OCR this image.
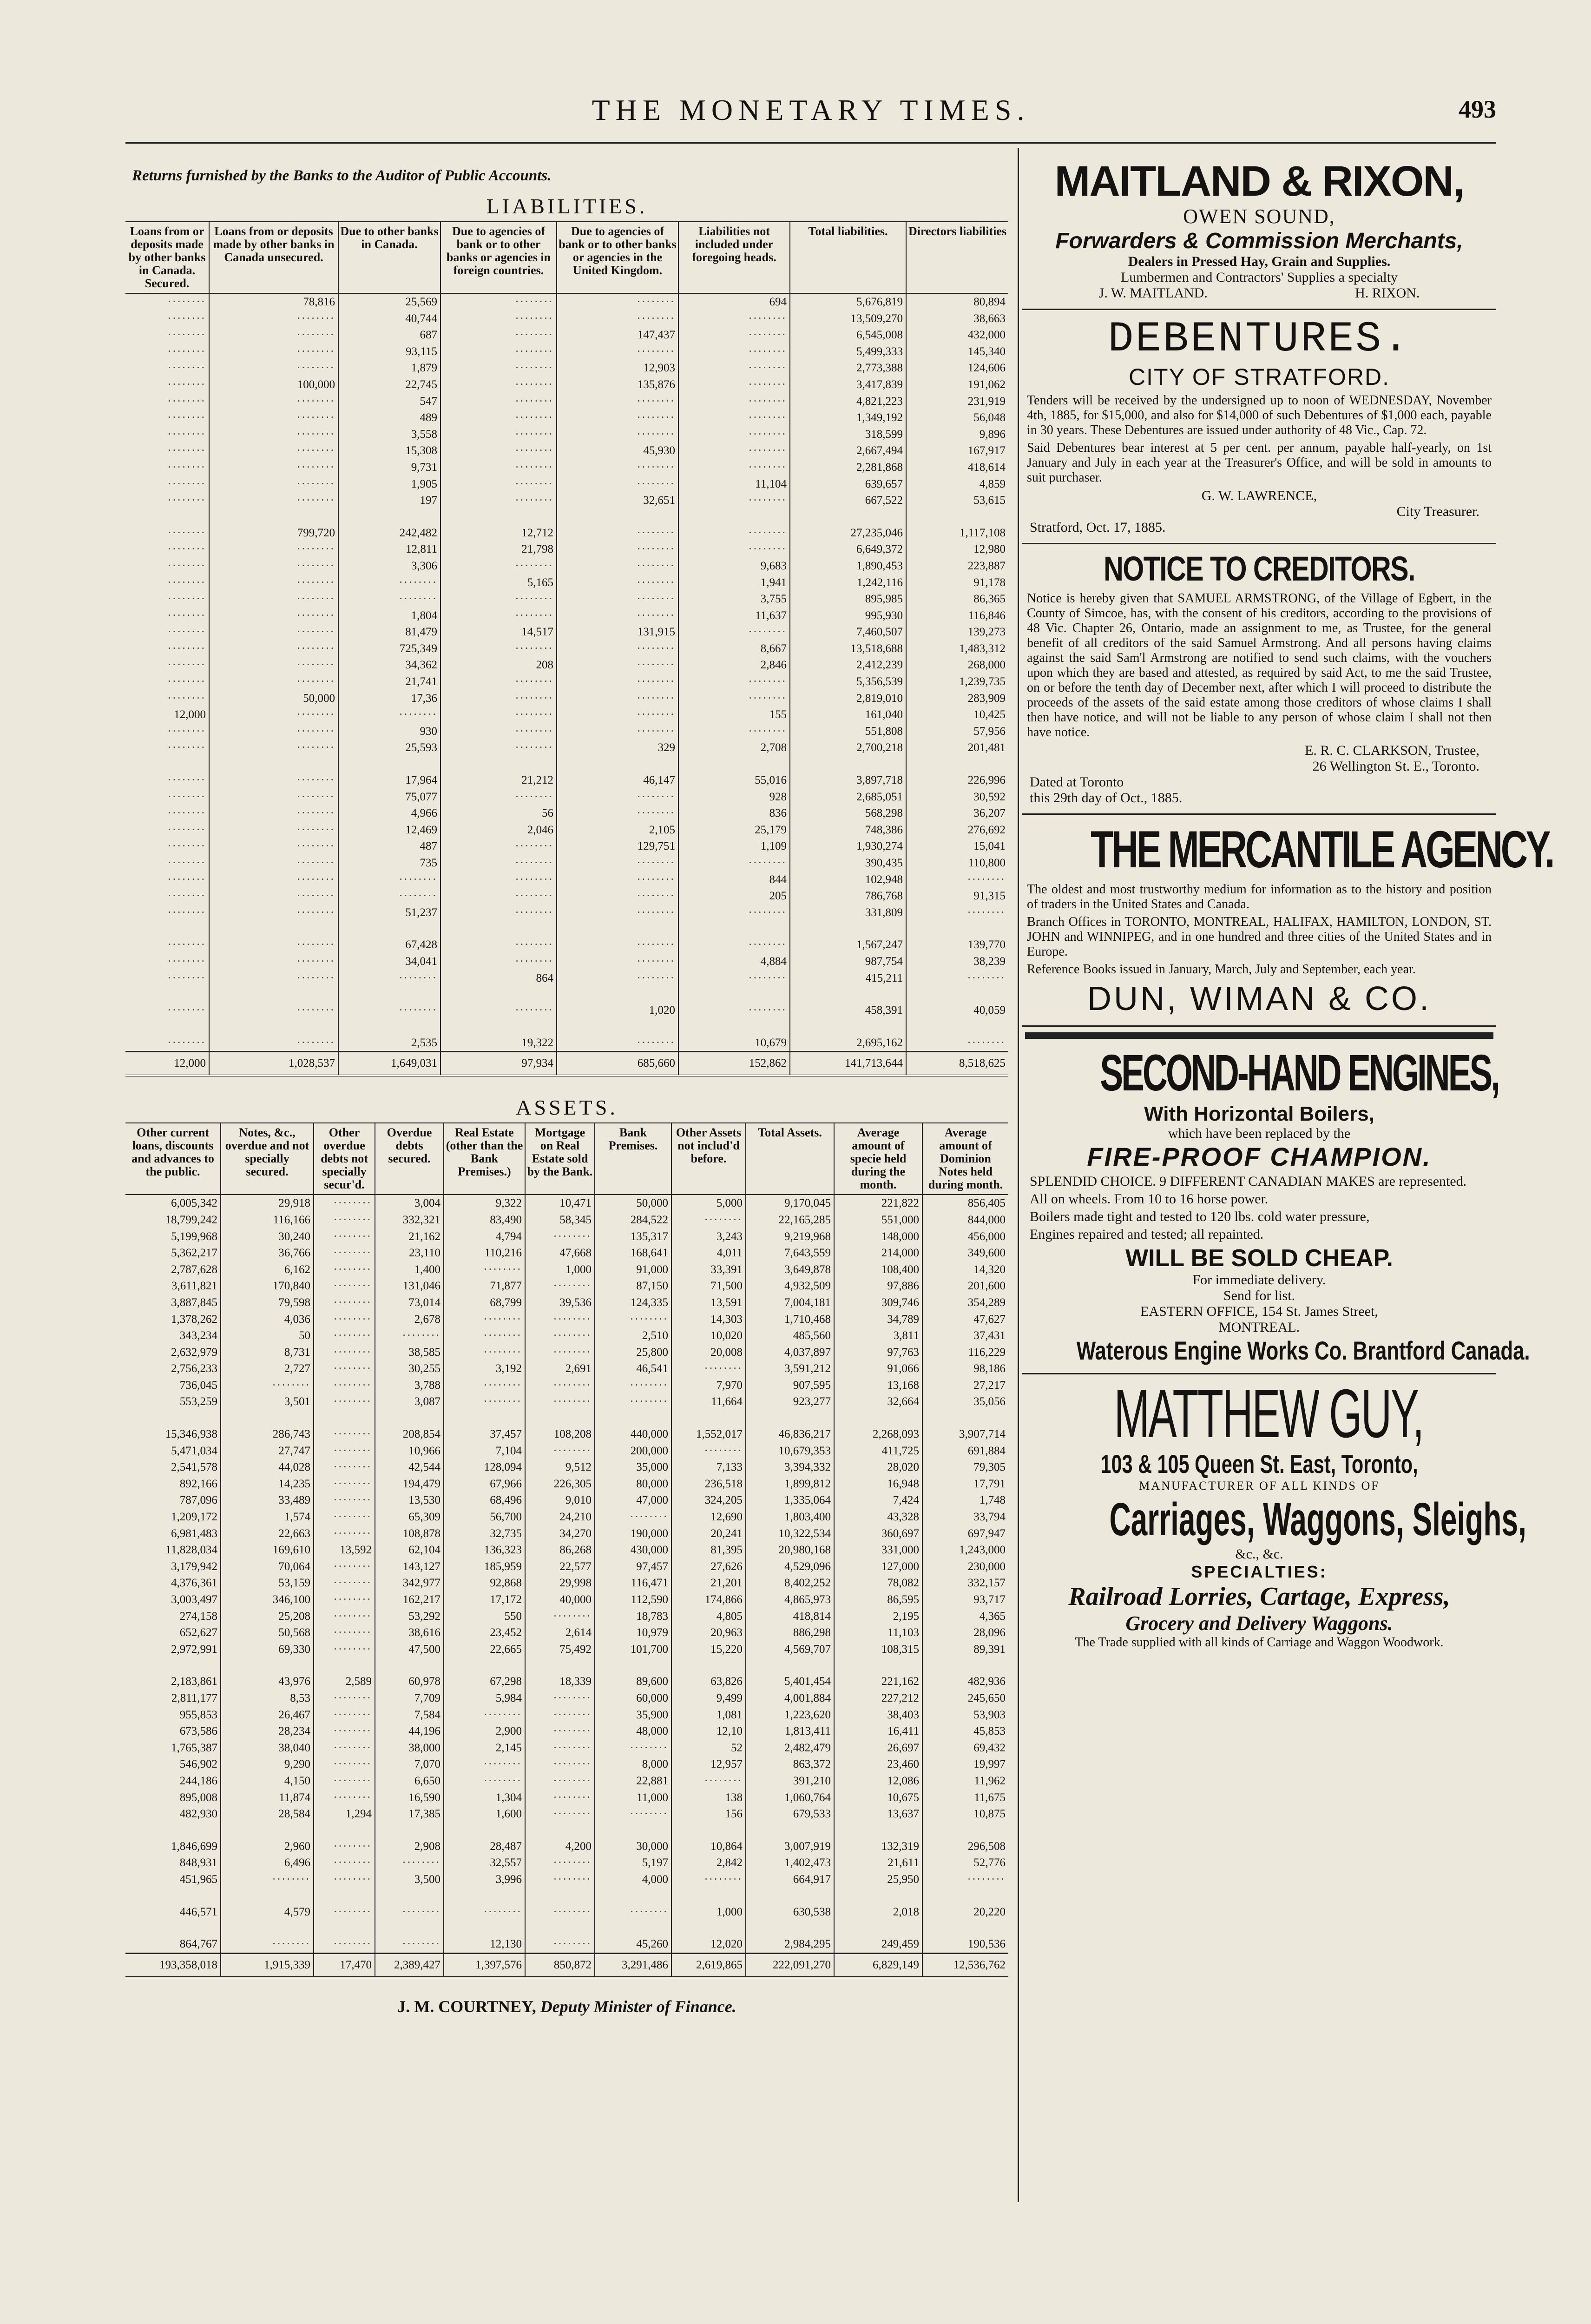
THE MONETARY TIMES.	493
Returns furnished by the Banks to the Auditor of Public Accounts.
LIABILITIES.
Loans from or deposits made by other banks in Canada. Secured.	Loans from or deposits made by other banks in Canada unsecured.	Due to other banks in Canada.	Due to agencies of bank or to other banks or agencies in foreign countries.	Due to agencies of bank or to other banks or agencies in the United Kingdom.	Liabilities not included under foregoing heads.	Total liabilities.	Directors liabilities
········	78,816	25,569	········	········	694	5,676,819	80,894
········	········	40,744	········	········	········	13,509,270	38,663
········	········	687	········	147,437	········	6,545,008	432,000
········	········	93,115	········	········	········	5,499,333	145,340
········	········	1,879	········	12,903	········	2,773,388	124,606
········	100,000	22,745	········	135,876	········	3,417,839	191,062
········	········	547	········	········	········	4,821,223	231,919
········	········	489	········	········	········	1,349,192	56,048
········	········	3,558	········	········	········	318,599	9,896
········	········	15,308	········	45,930	········	2,667,494	167,917
········	········	9,731	········	········	········	2,281,868	418,614
········	········	1,905	········	········	11,104	639,657	4,859
········	········	197	········	32,651	········	667,522	53,615

········	799,720	242,482	12,712	········	········	27,235,046	1,117,108
········	········	12,811	21,798	········	········	6,649,372	12,980
········	········	3,306	········	········	9,683	1,890,453	223,887
········	········	········	5,165	········	1,941	1,242,116	91,178
········	········	········	········	········	3,755	895,985	86,365
········	········	1,804	········	········	11,637	995,930	116,846
········	········	81,479	14,517	131,915	········	7,460,507	139,273
········	········	725,349	········	········	8,667	13,518,688	1,483,312
········	········	34,362	208	········	2,846	2,412,239	268,000
········	········	21,741	········	········	········	5,356,539	1,239,735
········	50,000	17,36	········	········	········	2,819,010	283,909
12,000	········	········	········	········	155	161,040	10,425
········	········	930	········	········	········	551,808	57,956
········	········	25,593	········	329	2,708	2,700,218	201,481

········	········	17,964	21,212	46,147	55,016	3,897,718	226,996
········	········	75,077	········	········	928	2,685,051	30,592
········	········	4,966	56	········	836	568,298	36,207
········	········	12,469	2,046	2,105	25,179	748,386	276,692
········	········	487	········	129,751	1,109	1,930,274	15,041
········	········	735	········	········	········	390,435	110,800
········	········	········	········	········	844	102,948	········
········	········	········	········	········	205	786,768	91,315
········	········	51,237	········	········	········	331,809	········

········	········	67,428	········	········	········	1,567,247	139,770
········	········	34,041	········	········	4,884	987,754	38,239
········	········	········	864	········	········	415,211	········

········	········	········	········	1,020	········	458,391	40,059

········	········	2,535	19,322	········	10,679	2,695,162	········
12,000	1,028,537	1,649,031	97,934	685,660	152,862	141,713,644	8,518,625
ASSETS.
Other current loans, discounts and advances to the public.	Notes, &c., overdue and not specially secured.	Other overdue debts not specially secur'd.	Overdue debts secured.	Real Estate (other than the Bank Premises.)	Mortgage on Real Estate sold by the Bank.	Bank Premises.	Other Assets not includ'd before.	Total Assets.	Average amount of specie held during the month.	Average amount of Dominion Notes held during month.
6,005,342	29,918	········	3,004	9,322	10,471	50,000	5,000	9,170,045	221,822	856,405
18,799,242	116,166	········	332,321	83,490	58,345	284,522	········	22,165,285	551,000	844,000
5,199,968	30,240	········	21,162	4,794	········	135,317	3,243	9,219,968	148,000	456,000
5,362,217	36,766	········	23,110	110,216	47,668	168,641	4,011	7,643,559	214,000	349,600
2,787,628	6,162	········	1,400	········	1,000	91,000	33,391	3,649,878	108,400	14,320
3,611,821	170,840	········	131,046	71,877	········	87,150	71,500	4,932,509	97,886	201,600
3,887,845	79,598	········	73,014	68,799	39,536	124,335	13,591	7,004,181	309,746	354,289
1,378,262	4,036	········	2,678	········	········	········	14,303	1,710,468	34,789	47,627
343,234	50	········	········	········	········	2,510	10,020	485,560	3,811	37,431
2,632,979	8,731	········	38,585	········	········	25,800	20,008	4,037,897	97,763	116,229
2,756,233	2,727	········	30,255	3,192	2,691	46,541	········	3,591,212	91,066	98,186
736,045	········	········	3,788	········	········	········	7,970	907,595	13,168	27,217
553,259	3,501	········	3,087	········	········	········	11,664	923,277	32,664	35,056

15,346,938	286,743	········	208,854	37,457	108,208	440,000	1,552,017	46,836,217	2,268,093	3,907,714
5,471,034	27,747	········	10,966	7,104	········	200,000	········	10,679,353	411,725	691,884
2,541,578	44,028	········	42,544	128,094	9,512	35,000	7,133	3,394,332	28,020	79,305
892,166	14,235	········	194,479	67,966	226,305	80,000	236,518	1,899,812	16,948	17,791
787,096	33,489	········	13,530	68,496	9,010	47,000	324,205	1,335,064	7,424	1,748
1,209,172	1,574	········	65,309	56,700	24,210	········	12,690	1,803,400	43,328	33,794
6,981,483	22,663	········	108,878	32,735	34,270	190,000	20,241	10,322,534	360,697	697,947
11,828,034	169,610	13,592	62,104	136,323	86,268	430,000	81,395	20,980,168	331,000	1,243,000
3,179,942	70,064	········	143,127	185,959	22,577	97,457	27,626	4,529,096	127,000	230,000
4,376,361	53,159	········	342,977	92,868	29,998	116,471	21,201	8,402,252	78,082	332,157
3,003,497	346,100	········	162,217	17,172	40,000	112,590	174,866	4,865,973	86,595	93,717
274,158	25,208	········	53,292	550	········	18,783	4,805	418,814	2,195	4,365
652,627	50,568	········	38,616	23,452	2,614	10,979	20,963	886,298	11,103	28,096
2,972,991	69,330	········	47,500	22,665	75,492	101,700	15,220	4,569,707	108,315	89,391

2,183,861	43,976	2,589	60,978	67,298	18,339	89,600	63,826	5,401,454	221,162	482,936
2,811,177	8,53	········	7,709	5,984	········	60,000	9,499	4,001,884	227,212	245,650
955,853	26,467	········	7,584	········	········	35,900	1,081	1,223,620	38,403	53,903
673,586	28,234	········	44,196	2,900	········	48,000	12,10	1,813,411	16,411	45,853
1,765,387	38,040	········	38,000	2,145	········	········	52	2,482,479	26,697	69,432
546,902	9,290	········	7,070	········	········	8,000	12,957	863,372	23,460	19,997
244,186	4,150	········	6,650	········	········	22,881	········	391,210	12,086	11,962
895,008	11,874	········	16,590	1,304	········	11,000	138	1,060,764	10,675	11,675
482,930	28,584	1,294	17,385	1,600	········	········	156	679,533	13,637	10,875

1,846,699	2,960	········	2,908	28,487	4,200	30,000	10,864	3,007,919	132,319	296,508
848,931	6,496	········	········	32,557	········	5,197	2,842	1,402,473	21,611	52,776
451,965	········	········	3,500	3,996	········	4,000	········	664,917	25,950	········

446,571	4,579	········	········	········	········	········	1,000	630,538	2,018	20,220

864,767	········	········	········	12,130	········	45,260	12,020	2,984,295	249,459	190,536
193,358,018	1,915,339	17,470	2,389,427	1,397,576	850,872	3,291,486	2,619,865	222,091,270	6,829,149	12,536,762
J. M. COURTNEY, Deputy Minister of Finance.
MAITLAND & RIXON,
OWEN SOUND,
Forwarders & Commission Merchants,
Dealers in Pressed Hay, Grain and Supplies.
Lumbermen and Contractors' Supplies a specialty
J. W. MAITLAND.	H. RIXON.
DEBENTURES.
CITY OF STRATFORD.
Tenders will be received by the undersigned up to noon of WEDNESDAY, November 4th, 1885, for $15,000, and also for $14,000 of such Debentures of $1,000 each, payable in 30 years. These Debentures are issued under authority of 48 Vic., Cap. 72.
Said Debentures bear interest at 5 per cent. per annum, payable half-yearly, on 1st January and July in each year at the Treasurer's Office, and will be sold in amounts to suit purchaser.
G. W. LAWRENCE,
City Treasurer.
Stratford, Oct. 17, 1885.
NOTICE TO CREDITORS.
Notice is hereby given that SAMUEL ARMSTRONG, of the Village of Egbert, in the County of Simcoe, has, with the consent of his creditors, according to the provisions of 48 Vic. Chapter 26, Ontario, made an assignment to me, as Trustee, for the general benefit of all creditors of the said Samuel Armstrong. And all persons having claims against the said Sam'l Armstrong are notified to send such claims, with the vouchers upon which they are based and attested, as required by said Act, to me the said Trustee, on or before the tenth day of December next, after which I will proceed to distribute the proceeds of the assets of the said estate among those creditors of whose claims I shall then have notice, and will not be liable to any person of whose claim I shall not then have notice.
E. R. C. CLARKSON, Trustee,
26 Wellington St. E., Toronto.
Dated at Toronto
this 29th day of Oct., 1885.
THE MERCANTILE AGENCY.
The oldest and most trustworthy medium for information as to the history and position of traders in the United States and Canada.
Branch Offices in TORONTO, MONTREAL, HALIFAX, HAMILTON, LONDON, ST. JOHN and WINNIPEG, and in one hundred and three cities of the United States and in Europe.
Reference Books issued in January, March, July and September, each year.
DUN, WIMAN & CO.
SECOND-HAND ENGINES,
With Horizontal Boilers,
which have been replaced by the
FIRE-PROOF CHAMPION.
SPLENDID CHOICE. 9 DIFFERENT CANADIAN MAKES are represented.
All on wheels. From 10 to 16 horse power.
Boilers made tight and tested to 120 lbs. cold water pressure,
Engines repaired and tested; all repainted.
WILL BE SOLD CHEAP.
For immediate delivery.
Send for list.
EASTERN OFFICE, 154 St. James Street,
MONTREAL.
Waterous Engine Works Co. Brantford Canada.
MATTHEW GUY,
103 & 105 Queen St. East, Toronto,
MANUFACTURER OF ALL KINDS OF
Carriages, Waggons, Sleighs,
&c., &c.
SPECIALTIES:
Railroad Lorries, Cartage, Express,
Grocery and Delivery Waggons.
The Trade supplied with all kinds of Carriage and Waggon Woodwork.
